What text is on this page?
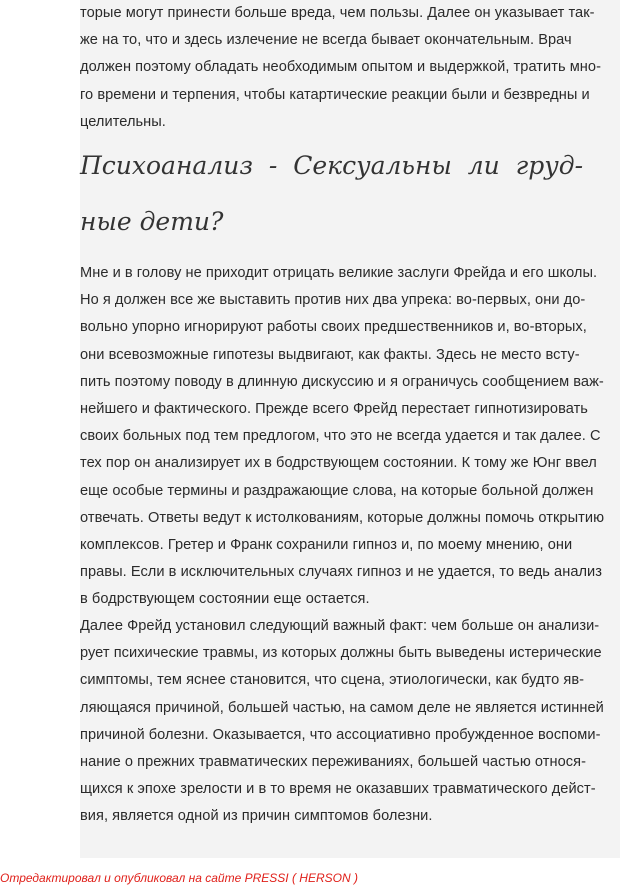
торые могут принести больше вреда, чем пользы. Далее он указывает так-
же на то, что и здесь излечение не всегда бывает окончательным. Врач
должен поэтому обладать необходимым опытом и выдержкой, тратить мно-
го времени и терпения, чтобы катартические реакции были и безвредны и
целительны.

Психоанализ  -  Сексуальны  ли  груд-
ные дети?

Мне и в голову не приходит отрицать великие заслуги Фрейда и его школы.
Но я должен все же выставить против них два упрека: во-первых, они до-
вольно упорно игнорируют работы своих предшественников и, во-вторых,
они всевозможные гипотезы выдвигают, как факты. Здесь не место всту-
пить поэтому поводу в длинную дискуссию и я ограничусь сообщением важ-
нейшего и фактического. Прежде всего Фрейд перестает гипнотизировать
своих больных под тем предлогом, что это не всегда удается и так далее. С
тех пор он анализирует их в бодрствующем состоянии. К тому же Юнг ввел
еще особые термины и раздражающие слова, на которые больной должен
отвечать. Ответы ведут к истолкованиям, которые должны помочь открытию
комплексов. Гретер и Франк сохранили гипноз и, по моему мнению, они
правы. Если в исключительных случаях гипноз и не удается, то ведь анализ
в бодрствующем состоянии еще остается.

Далее Фрейд установил следующий важный факт: чем больше он анализи-
рует психические травмы, из которых должны быть выведены истерические
симптомы, тем яснее становится, что сцена, этиологически, как будто яв-
ляющаяся причиной, большей частью, на самом деле не является истинней
причиной болезни. Оказывается, что ассоциативно пробужденное воспоми-
нание о прежних травматических переживаниях, большей частью относя-
щихся к эпохе зрелости и в то время не оказавших травматического дейст-
вия, является одной из причин симптомов болезни.

Отредактировал и опубликовал на сайте PRESSI ( HERSON )
